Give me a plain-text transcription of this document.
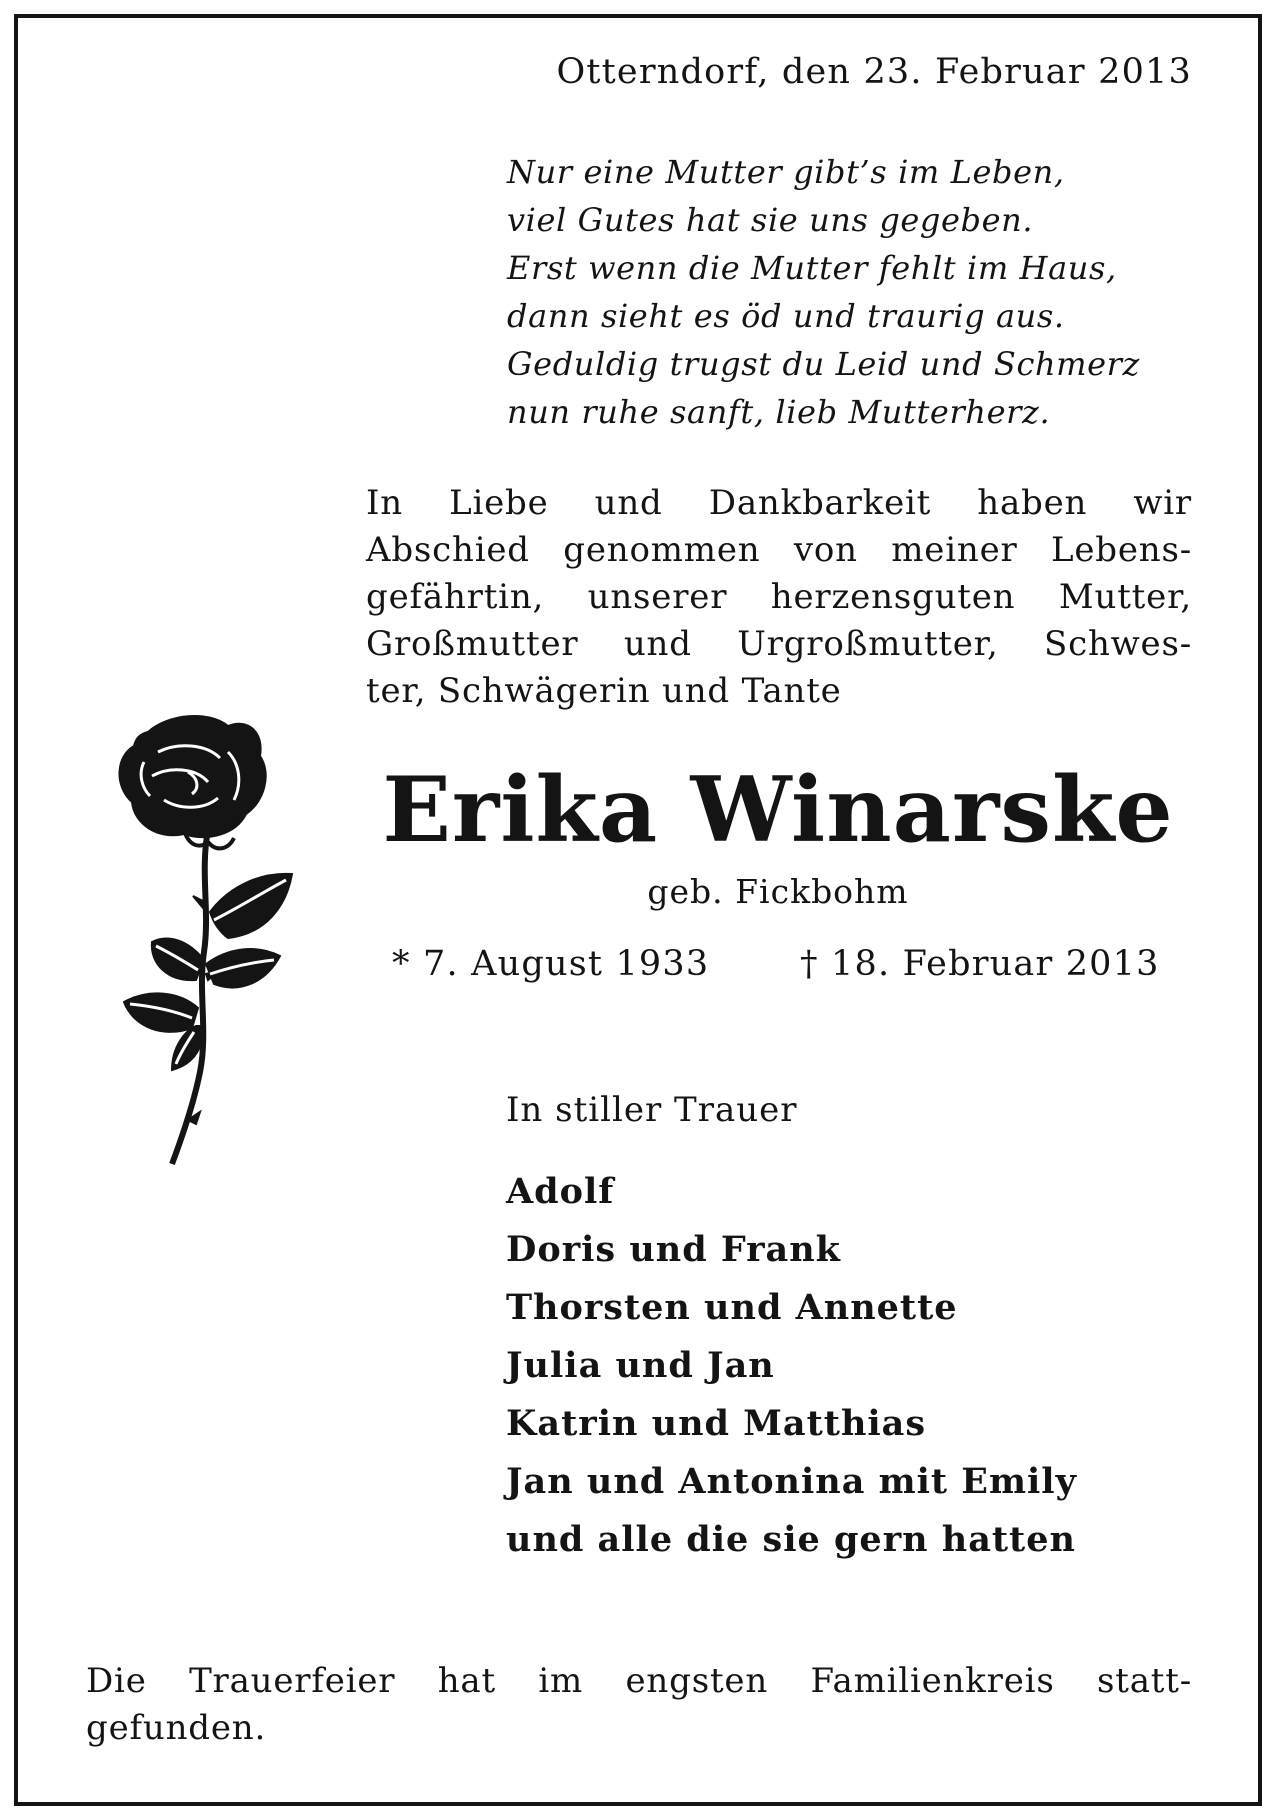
Otterndorf, den 23. Februar 2013
Nur eine Mutter gibt’s im Leben,
viel Gutes hat sie uns gegeben.
Erst wenn die Mutter fehlt im Haus,
dann sieht es öd und traurig aus.
Geduldig trugst du Leid und Schmerz
nun ruhe sanft, lieb Mutterherz.
In Liebe und Dankbarkeit haben wir
Abschied genommen von meiner Lebens-
gefährtin, unserer herzensguten Mutter,
Großmutter und Urgroßmutter, Schwes-
ter, Schwägerin und Tante
Erika Winarske
geb. Fickbohm
* 7. August 1933	† 18. Februar 2013
In stiller Trauer
Adolf
Doris und Frank
Thorsten und Annette
Julia und Jan
Katrin und Matthias
Jan und Antonina mit Emily
und alle die sie gern hatten
Die Trauerfeier hat im engsten Familienkreis statt-
gefunden.
